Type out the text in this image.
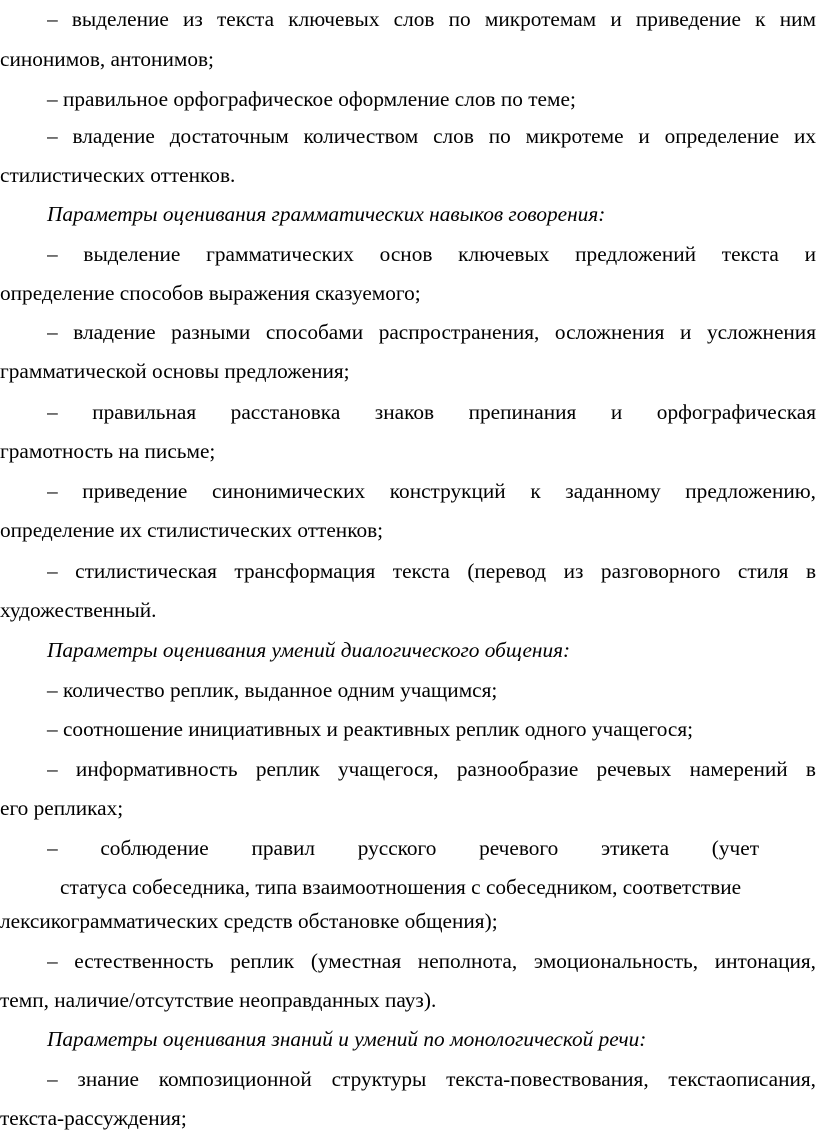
– выделение из текста ключевых слов по микротемам и приведение к ним
синонимов, антонимов;
– правильное орфографическое оформление слов по теме;
– владение достаточным количеством слов по микротеме и определение их
стилистических оттенков.
Параметры оценивания грамматических навыков говорения:
– выделение грамматических основ ключевых предложений текста и
определение способов выражения сказуемого;
– владение разными способами распространения, осложнения и усложнения
грамматической основы предложения;
– правильная расстановка знаков препинания и орфографическая
грамотность на письме;
– приведение синонимических конструкций к заданному предложению,
определение их стилистических оттенков;
– стилистическая трансформация текста (перевод из разговорного стиля в
художественный.
Параметры оценивания умений диалогического общения:
– количество реплик, выданное одним учащимся;
– соотношение инициативных и реактивных реплик одного учащегося;
– информативность реплик учащегося, разнообразие речевых намерений в
его репликах;
– соблюдение правил русского речевого этикета (учет
статуса собеседника, типа взаимоотношения с собеседником, соответствие
лексикограмматических средств обстановке общения);
– естественность реплик (уместная неполнота, эмоциональность, интонация,
темп, наличие/отсутствие неоправданных пауз).
Параметры оценивания знаний и умений по монологической речи:
– знание композиционной структуры текста-повествования, текстаописания,
текста-рассуждения;
